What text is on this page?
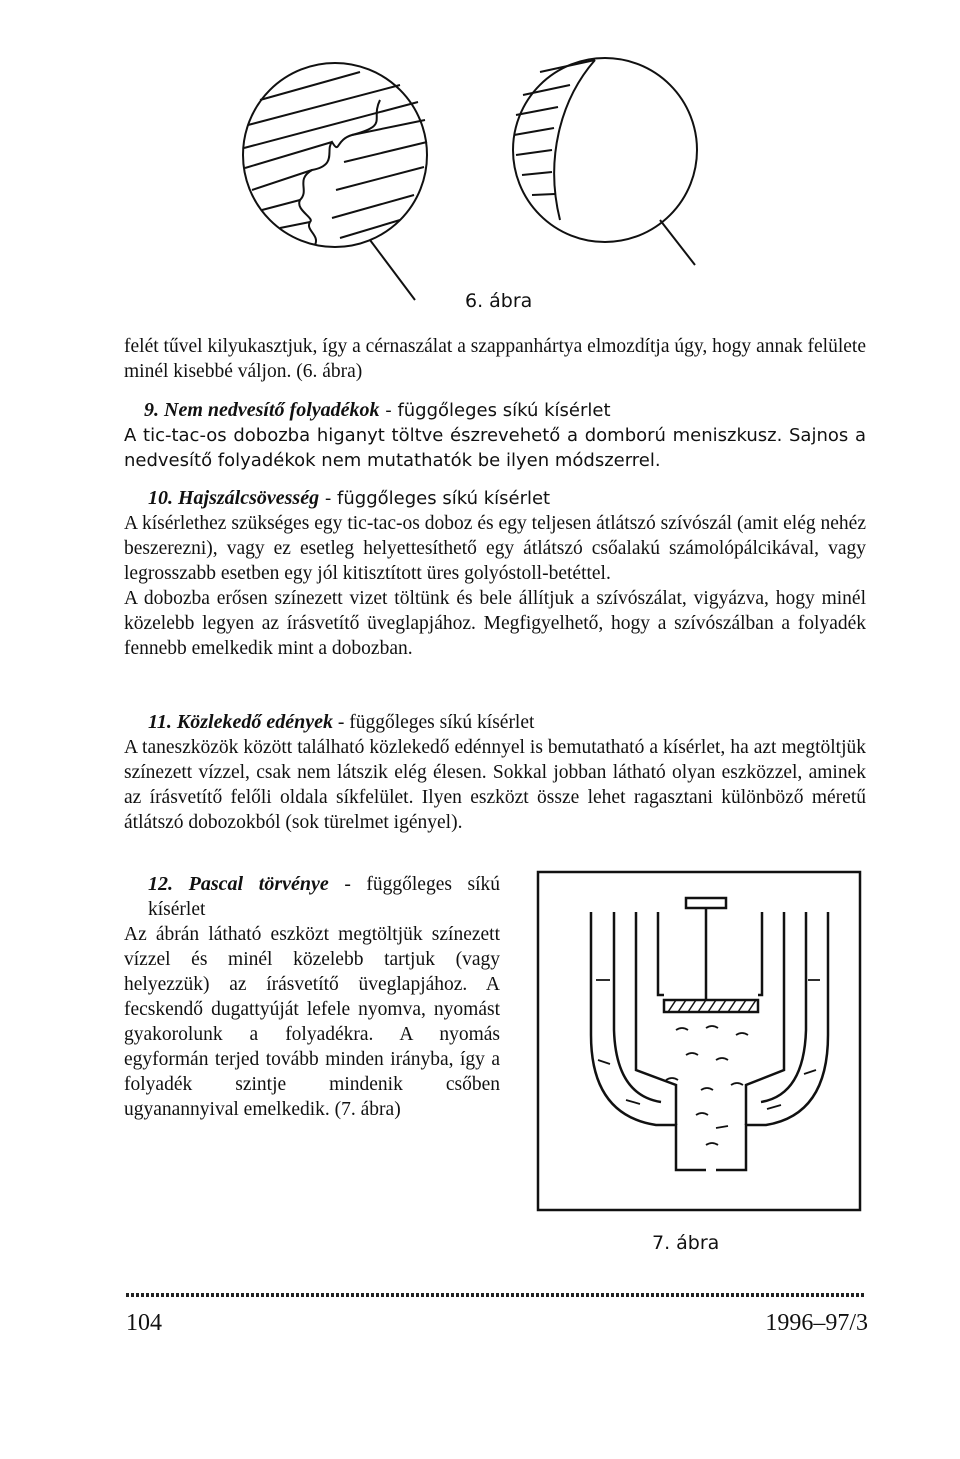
6. ábra

felét tűvel kilyukasztjuk, így a cérnaszálat a szappanhártya elmozdítja úgy, hogy annak felülete minél kisebbé váljon. (6. ábra)

9. Nem nedvesítő folyadékok - függőleges síkú kísérlet

A tic-tac-os dobozba higanyt töltve észrevehető a domború meniszkusz. Sajnos a nedvesítő folyadékok nem mutathatók be ilyen módszerrel.

10. Hajszálcsövesség - függőleges síkú kísérlet

A kísérlethez szükséges egy tic-tac-os doboz és egy teljesen átlátszó szívószál (amit elég nehéz beszerezni), vagy ez esetleg helyettesíthető egy átlátszó csőalakú számolópálcikával, vagy legrosszabb esetben egy jól kitisztított üres golyóstoll-betéttel.

A dobozba erősen színezett vizet töltünk és bele állítjuk a szívószálat, vigyázva, hogy minél közelebb legyen az írásvetítő üveglapjához. Megfigyelhető, hogy a szívószálban a folyadék fennebb emelkedik mint a dobozban.

11. Közlekedő edények - függőleges síkú kísérlet

A taneszközök között található közlekedő edénnyel is bemutatható a kísérlet, ha azt megtöltjük színezett vízzel, csak nem látszik elég élesen. Sokkal jobban látható olyan eszközzel, aminek az írásvetítő felőli oldala síkfelület. Ilyen eszközt össze lehet ragasztani különböző méretű átlátszó dobozokból (sok türelmet igényel).

12. Pascal törvénye - függőleges síkú kísérlet

Az ábrán látható eszközt megtöltjük színezett vízzel és minél közelebb tartjuk (vagy helyezzük) az írásvetítő üveglapjához. A fecskendő dugattyúját lefele nyomva, nyomást gyakorolunk a folyadékra. A nyomás egyformán terjed tovább minden irányba, így a folyadék szintje mindenik csőben ugyanannyival emelkedik. (7. ábra)

7. ábra
104	1996–97/3
